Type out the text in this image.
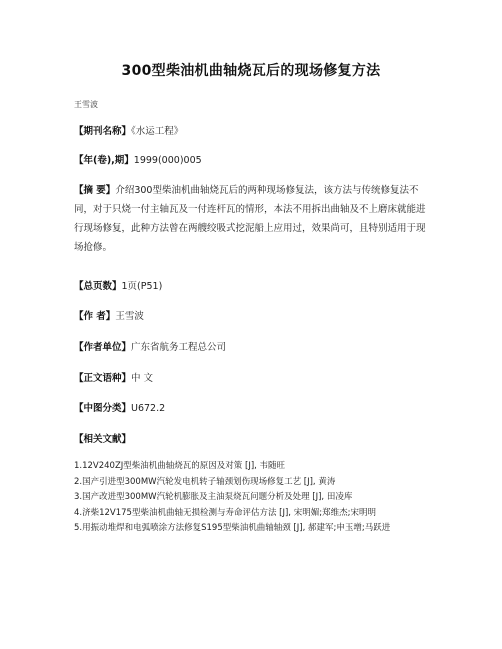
300型柴油机曲轴烧瓦后的现场修复方法
王雪波
【期刊名称】《水运工程》
【年(卷),期】1999(000)005
【摘 要】介绍300型柴油机曲轴烧瓦后的两种现场修复法，该方法与传统修复法不同，对于只烧一付主轴瓦及一付连杆瓦的情形，本法不用拆出曲轴及不上磨床就能进行现场修复，此种方法曾在两艘绞吸式挖泥船上应用过，效果尚可，且特别适用于现场抢修。
【总页数】1页(P51)
【作 者】王雪波
【作者单位】广东省航务工程总公司
【正文语种】中 文
【中图分类】U672.2
【相关文献】
1.12V240ZJ型柴油机曲轴烧瓦的原因及对策 [J], 韦随旺
2.国产引进型300MW汽轮发电机转子轴颈划伤现场修复工艺 [J], 黄涛
3.国产改进型300MW汽轮机膨胀及主油泵烧瓦问题分析及处理 [J], 田凌库
4.济柴12V175型柴油机曲轴无损检测与寿命评估方法 [J], 宋明媚;郑维杰;宋明明
5.用振动堆焊和电弧喷涂方法修复S195型柴油机曲轴轴颈 [J], 郝建军;申玉增;马跃进
